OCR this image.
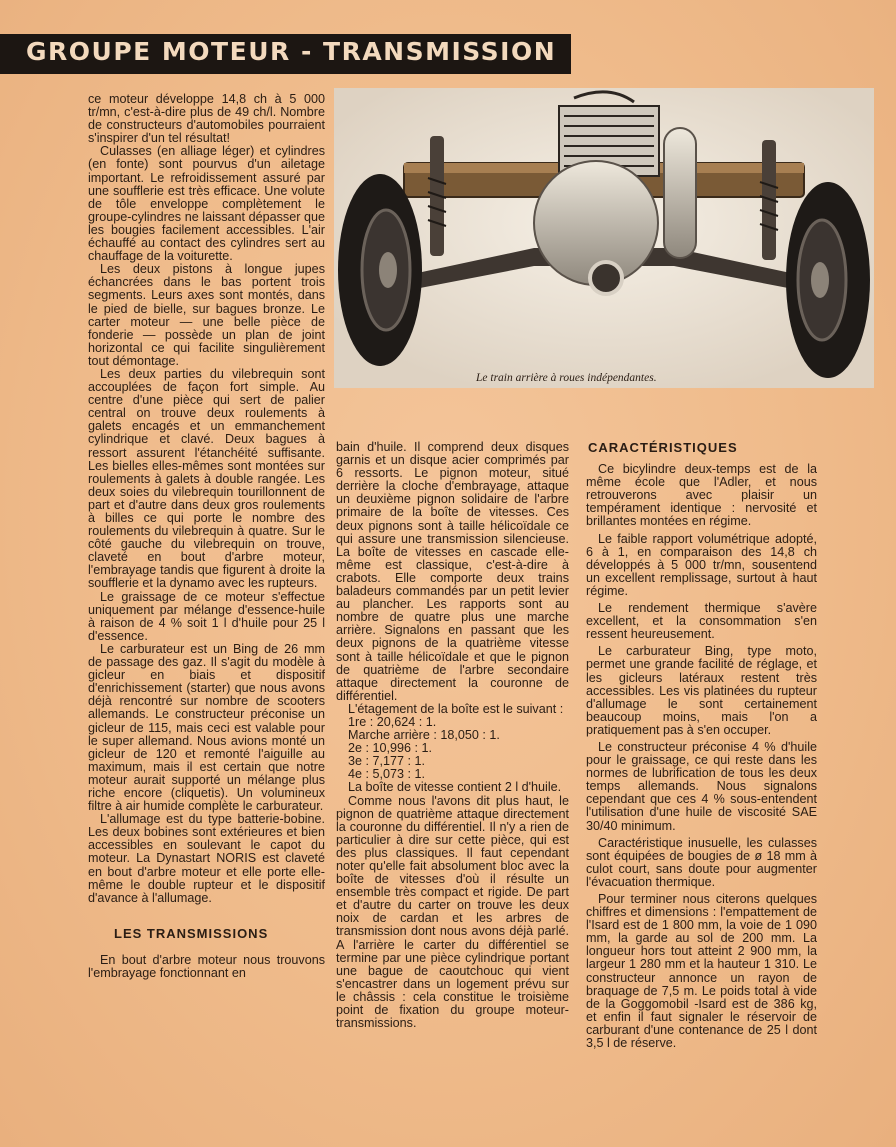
GROUPE MOTEUR - TRANSMISSION

ce moteur développe 14,8 ch à 5 000 tr/mn, c'est-à-dire plus de 49 ch/l. Nombre de constructeurs d'automobiles pourraient s'inspirer d'un tel résultat!

Culasses (en alliage léger) et cylindres (en fonte) sont pourvus d'un ailetage important. Le refroidissement assuré par une soufflerie est très efficace. Une volute de tôle enveloppe complètement le groupe-cylindres ne laissant dépasser que les bougies facilement accessibles. L'air échauffé au contact des cylindres sert au chauffage de la voiturette.

Les deux pistons à longue jupes échancrées dans le bas portent trois segments. Leurs axes sont montés, dans le pied de bielle, sur bagues bronze. Le carter moteur — une belle pièce de fonderie — possède un plan de joint horizontal ce qui facilite singulièrement tout démontage.

Les deux parties du vilebrequin sont accouplées de façon fort simple. Au centre d'une pièce qui sert de palier central on trouve deux roulements à galets encagés et un emmanchement cylindrique et clavé. Deux bagues à ressort assurent l'étanchéité suffisante. Les bielles elles-mêmes sont montées sur roulements à galets à double rangée. Les deux soies du vilebrequin tourillonnent de part et d'autre dans deux gros roulements à billes ce qui porte le nombre des roulements du vilebrequin à quatre. Sur le côté gauche du vilebrequin on trouve, claveté en bout d'arbre moteur, l'embrayage tandis que figurent à droite la soufflerie et la dynamo avec les rupteurs.

Le graissage de ce moteur s'effectue uniquement par mélange d'essence-huile à raison de 4 % soit 1 l d'huile pour 25 l d'essence.

Le carburateur est un Bing de 26 mm de passage des gaz. Il s'agit du modèle à gicleur en biais et dispositif d'enrichissement (starter) que nous avons déjà rencontré sur nombre de scooters allemands. Le constructeur préconise un gicleur de 115, mais ceci est valable pour le super allemand. Nous avions monté un gicleur de 120 et remonté l'aiguille au maximum, mais il est certain que notre moteur aurait supporté un mélange plus riche encore (cliquetis). Un volumineux filtre à air humide complète le carburateur.

L'allumage est du type batterie-bobine. Les deux bobines sont extérieures et bien accessibles en soulevant le capot du moteur. La Dynastart NORIS est claveté en bout d'arbre moteur et elle porte elle-même le double rupteur et le dispositif d'avance à l'allumage.

LES TRANSMISSIONS

En bout d'arbre moteur nous trouvons l'embrayage fonctionnant en

Le train arrière à roues indépendantes.

bain d'huile. Il comprend deux disques garnis et un disque acier comprimés par 6 ressorts. Le pignon moteur, situé derrière la cloche d'embrayage, attaque un deuxième pignon solidaire de l'arbre primaire de la boîte de vitesses. Ces deux pignons sont à taille hélicoïdale ce qui assure une transmission silencieuse. La boîte de vitesses en cascade elle-même est classique, c'est-à-dire à crabots. Elle comporte deux trains baladeurs commandés par un petit levier au plancher. Les rapports sont au nombre de quatre plus une marche arrière. Signalons en passant que les deux pignons de la quatrième vitesse sont à taille hélicoïdale et que le pignon de quatrième de l'arbre secondaire attaque directement la couronne de différentiel.

L'étagement de la boîte est le suivant :

1re : 20,624 : 1.

Marche arrière : 18,050 : 1.

2e : 10,996 : 1.

3e : 7,177 : 1.

4e : 5,073 : 1.

La boîte de vitesse contient 2 l d'huile.

Comme nous l'avons dit plus haut, le pignon de quatrième attaque directement la couronne du différentiel. Il n'y a rien de particulier à dire sur cette pièce, qui est des plus classiques. Il faut cependant noter qu'elle fait absolument bloc avec la boîte de vitesses d'où il résulte un ensemble très compact et rigide. De part et d'autre du carter on trouve les deux noix de cardan et les arbres de transmission dont nous avons déjà parlé. A l'arrière le carter du différentiel se termine par une pièce cylindrique portant une bague de caoutchouc qui vient s'encastrer dans un logement prévu sur le châssis : cela constitue le troisième point de fixation du groupe moteur-transmissions.

CARACTÉRISTIQUES

Ce bicylindre deux-temps est de la même école que l'Adler, et nous retrouverons avec plaisir un tempérament identique : nervosité et brillantes montées en régime.

Le faible rapport volumétrique adopté, 6 à 1, en comparaison des 14,8 ch développés à 5 000 tr/mn, sousentend un excellent remplissage, surtout à haut régime.

Le rendement thermique s'avère excellent, et la consommation s'en ressent heureusement.

Le carburateur Bing, type moto, permet une grande facilité de réglage, et les gicleurs latéraux restent très accessibles. Les vis platinées du rupteur d'allumage le sont certainement beaucoup moins, mais l'on a pratiquement pas à s'en occuper.

Le constructeur préconise 4 % d'huile pour le graissage, ce qui reste dans les normes de lubrification de tous les deux temps allemands. Nous signalons cependant que ces 4 % sous-entendent l'utilisation d'une huile de viscosité SAE 30/40 minimum.

Caractéristique inusuelle, les culasses sont équipées de bougies de ø 18 mm à culot court, sans doute pour augmenter l'évacuation thermique.

Pour terminer nous citerons quelques chiffres et dimensions : l'empattement de l'Isard est de 1 800 mm, la voie de 1 090 mm, la garde au sol de 200 mm. La longueur hors tout atteint 2 900 mm, la largeur 1 280 mm et la hauteur 1 310. Le constructeur annonce un rayon de braquage de 7,5 m. Le poids total à vide de la Goggomobil -Isard est de 386 kg, et enfin il faut signaler le réservoir de carburant d'une contenance de 25 l dont 3,5 l de réserve.
